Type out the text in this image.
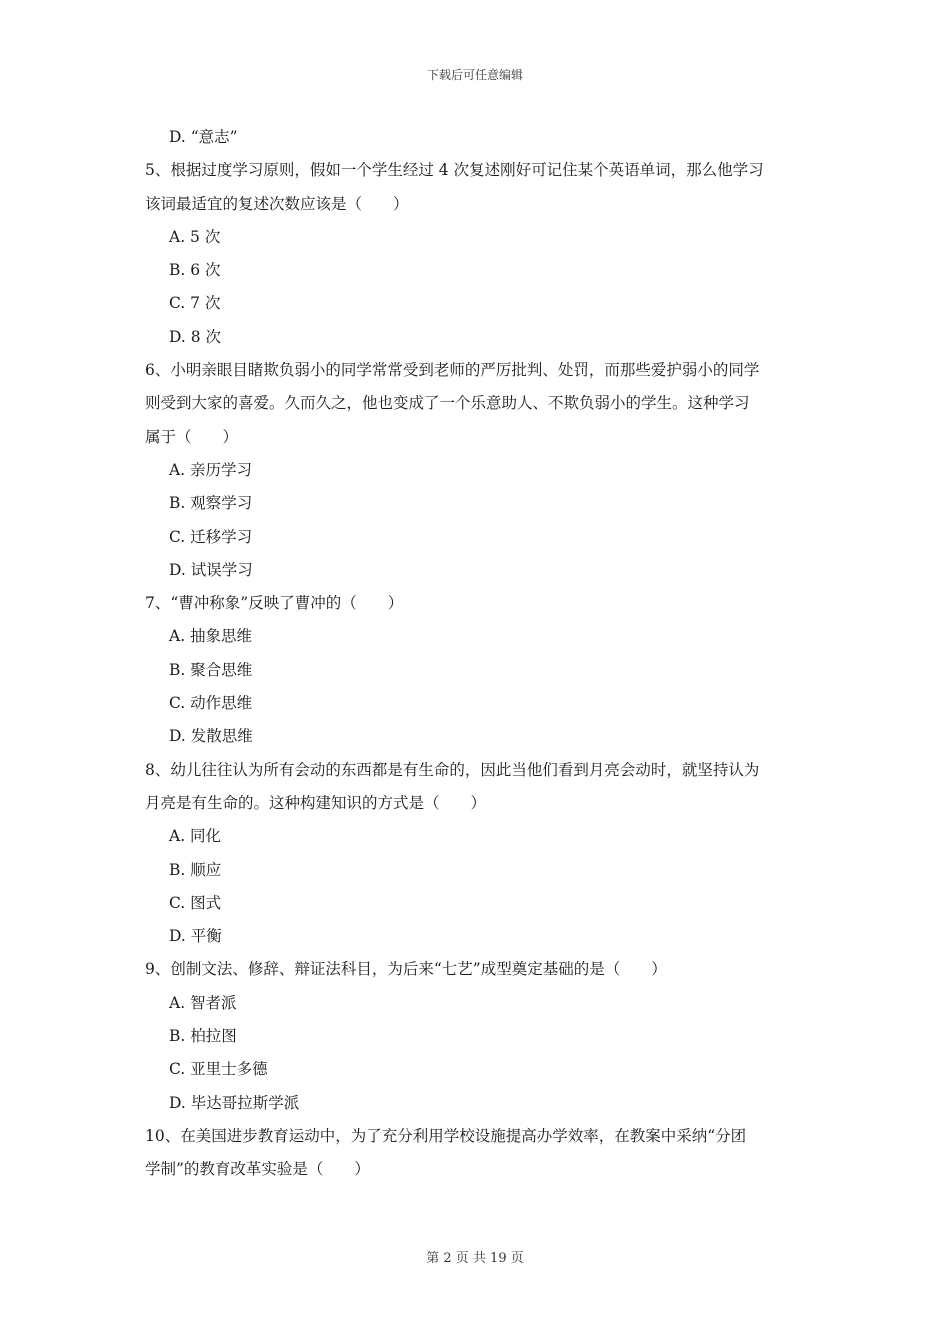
下载后可任意编辑
D. “意志”
5、根据过度学习原则，假如一个学生经过 4 次复述刚好可记住某个英语单词，那么他学习
该词最适宜的复述次数应该是（　　）
A. 5 次
B. 6 次
C. 7 次
D. 8 次
6、小明亲眼目睹欺负弱小的同学常常受到老师的严厉批判、处罚，而那些爱护弱小的同学
则受到大家的喜爱。久而久之，他也变成了一个乐意助人、不欺负弱小的学生。这种学习
属于（　　）
A. 亲历学习
B. 观察学习
C. 迁移学习
D. 试误学习
7、“曹冲称象”反映了曹冲的（　　）
A. 抽象思维
B. 聚合思维
C. 动作思维
D. 发散思维
8、幼儿往往认为所有会动的东西都是有生命的，因此当他们看到月亮会动时，就坚持认为
月亮是有生命的。这种构建知识的方式是（　　）
A. 同化
B. 顺应
C. 图式
D. 平衡
9、创制文法、修辞、辩证法科目，为后来“七艺”成型奠定基础的是（　　）
A. 智者派
B. 柏拉图
C. 亚里士多德
D. 毕达哥拉斯学派
10、在美国进步教育运动中，为了充分利用学校设施提高办学效率，在教案中采纳“分团
学制”的教育改革实验是（　　）
第 2 页 共 19 页
